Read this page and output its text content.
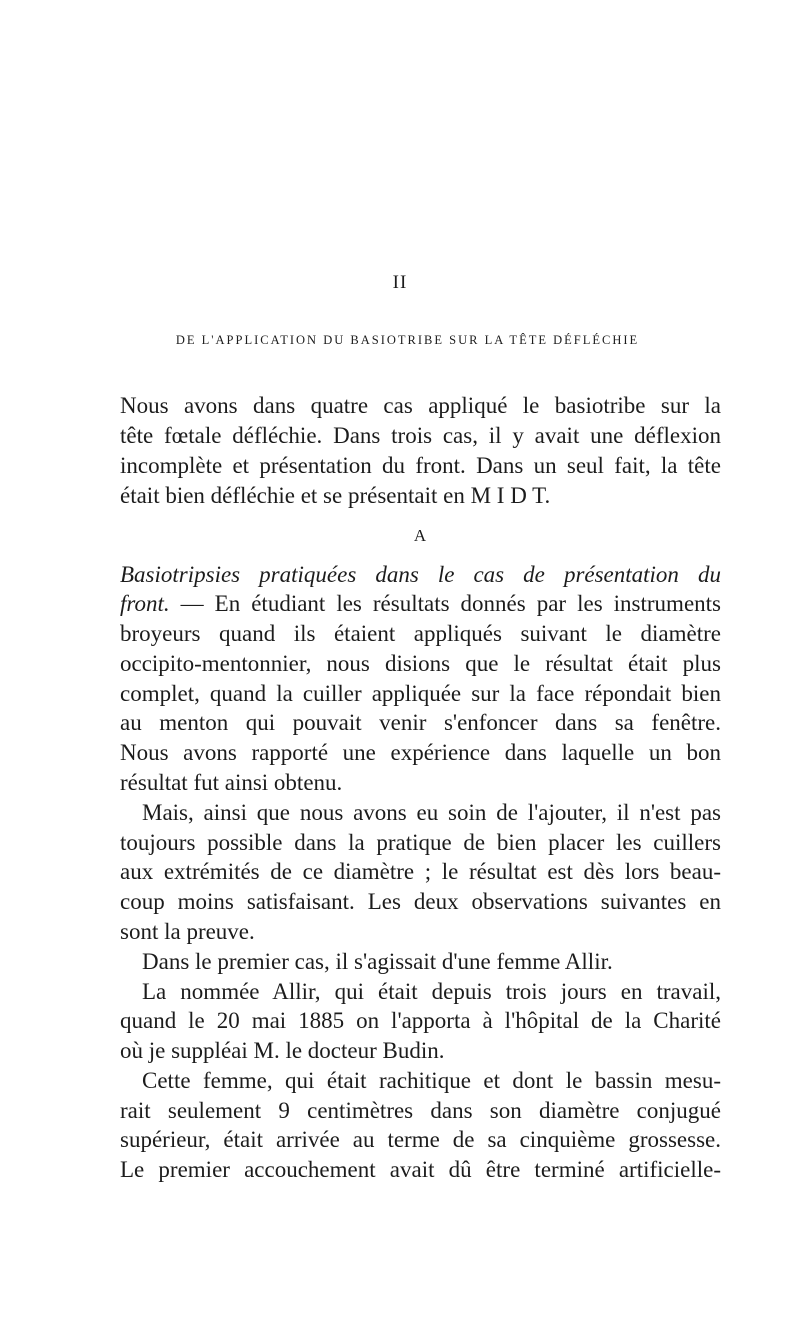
II
DE L'APPLICATION DU BASIOTRIBE SUR LA TÊTE DÉFLÉCHIE
Nous avons dans quatre cas appliqué le basiotribe sur la
tête fœtale défléchie. Dans trois cas, il y avait une déflexion
incomplète et présentation du front. Dans un seul fait, la tête
était bien défléchie et se présentait en M I D T.
A
Basiotripsies pratiquées dans le cas de présentation du
front. — En étudiant les résultats donnés par les instruments
broyeurs quand ils étaient appliqués suivant le diamètre
occipito-mentonnier, nous disions que le résultat était plus
complet, quand la cuiller appliquée sur la face répondait bien
au menton qui pouvait venir s'enfoncer dans sa fenêtre.
Nous avons rapporté une expérience dans laquelle un bon
résultat fut ainsi obtenu.
Mais, ainsi que nous avons eu soin de l'ajouter, il n'est pas
toujours possible dans la pratique de bien placer les cuillers
aux extrémités de ce diamètre ; le résultat est dès lors beau-
coup moins satisfaisant. Les deux observations suivantes en
sont la preuve.
Dans le premier cas, il s'agissait d'une femme Allir.
La nommée Allir, qui était depuis trois jours en travail,
quand le 20 mai 1885 on l'apporta à l'hôpital de la Charité
où je suppléai M. le docteur Budin.
Cette femme, qui était rachitique et dont le bassin mesu-
rait seulement 9 centimètres dans son diamètre conjugué
supérieur, était arrivée au terme de sa cinquième grossesse.
Le premier accouchement avait dû être terminé artificielle-
